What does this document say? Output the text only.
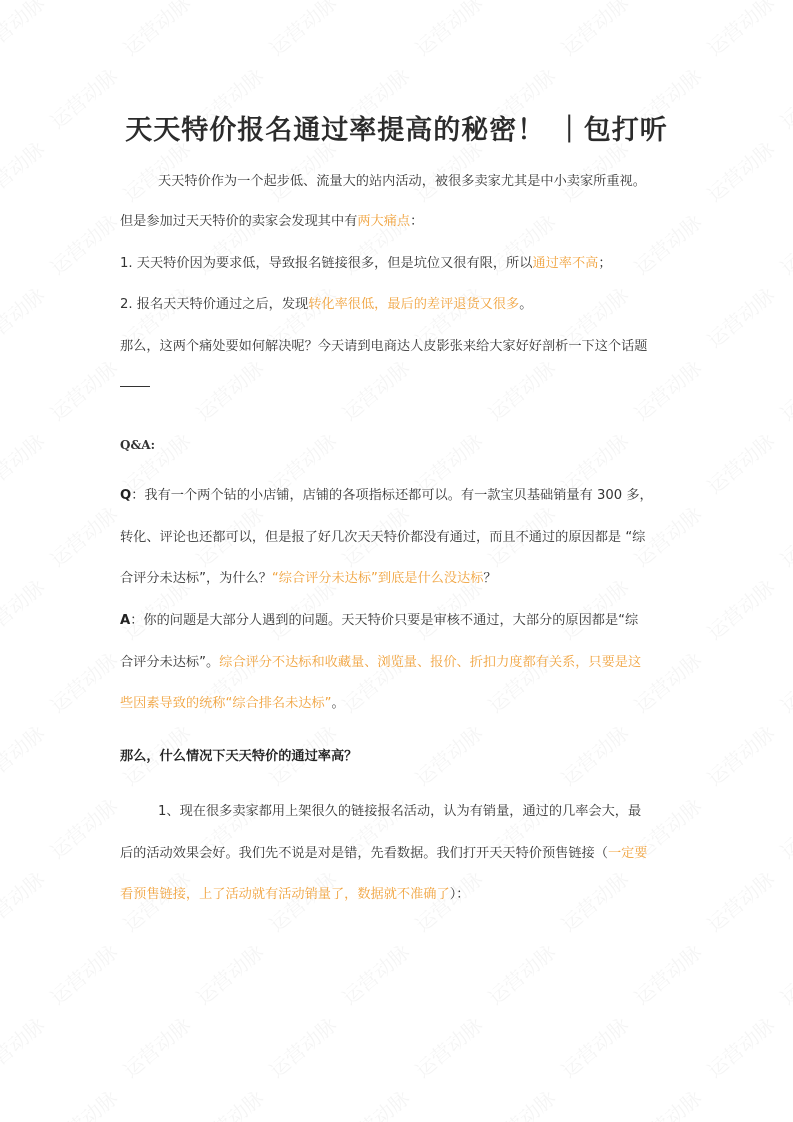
天天特价报名通过率提高的秘密！ ｜包打听
天天特价作为一个起步低、流量大的站内活动，被很多卖家尤其是中小卖家所重视。
但是参加过天天特价的卖家会发现其中有两大痛点：
1. 天天特价因为要求低，导致报名链接很多，但是坑位又很有限，所以通过率不高；
2. 报名天天特价通过之后，发现转化率很低，最后的差评退货又很多。
那么，这两个痛处要如何解决呢？今天请到电商达人皮影张来给大家好好剖析一下这个话题
Q&A:
Q：我有一个两个钻的小店铺，店铺的各项指标还都可以。有一款宝贝基础销量有 300 多，
转化、评论也还都可以，但是报了好几次天天特价都没有通过，而且不通过的原因都是 “综
合评分未达标”，为什么？“综合评分未达标”到底是什么没达标？
A：你的问题是大部分人遇到的问题。天天特价只要是审核不通过，大部分的原因都是“综
合评分未达标”。综合评分不达标和收藏量、浏览量、报价、折扣力度都有关系，只要是这
些因素导致的统称“综合排名未达标”。
那么，什么情况下天天特价的通过率高？
1、现在很多卖家都用上架很久的链接报名活动，认为有销量，通过的几率会大，最
后的活动效果会好。我们先不说是对是错，先看数据。我们打开天天特价预售链接（一定要
看预售链接，上了活动就有活动销量了，数据就不准确了）：
